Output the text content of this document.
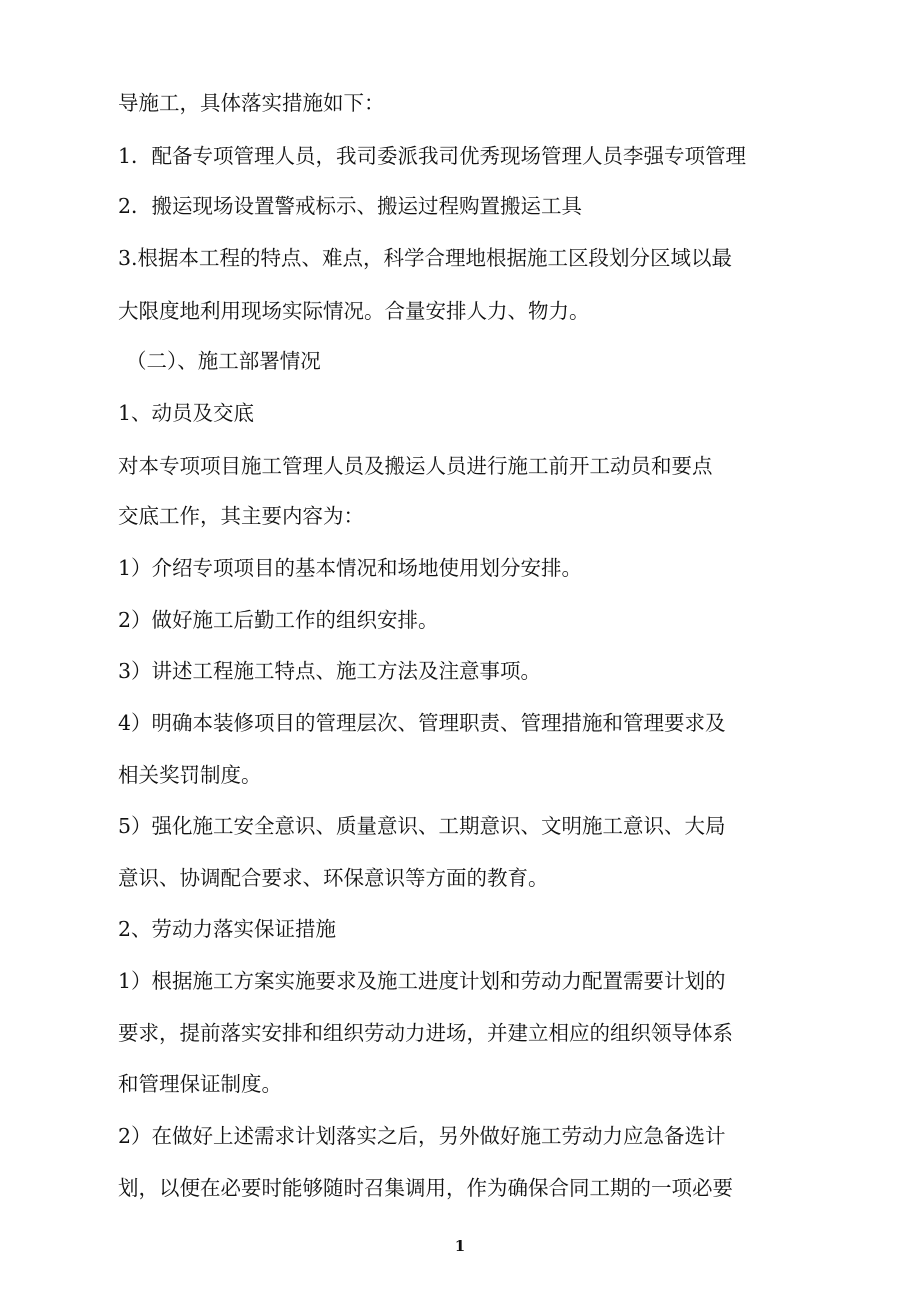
导施工，具体落实措施如下：
1．配备专项管理人员，我司委派我司优秀现场管理人员李强专项管理
2．搬运现场设置警戒标示、搬运过程购置搬运工具
3.根据本工程的特点、难点，科学合理地根据施工区段划分区域以最
大限度地利用现场实际情况。合量安排人力、物力。
（二）、施工部署情况
1、动员及交底
对本专项项目施工管理人员及搬运人员进行施工前开工动员和要点
交底工作，其主要内容为：
1）介绍专项项目的基本情况和场地使用划分安排。
2）做好施工后勤工作的组织安排。
3）讲述工程施工特点、施工方法及注意事项。
4）明确本装修项目的管理层次、管理职责、管理措施和管理要求及
相关奖罚制度。
5）强化施工安全意识、质量意识、工期意识、文明施工意识、大局
意识、协调配合要求、环保意识等方面的教育。
2、劳动力落实保证措施
1）根据施工方案实施要求及施工进度计划和劳动力配置需要计划的
要求，提前落实安排和组织劳动力进场，并建立相应的组织领导体系
和管理保证制度。
2）在做好上述需求计划落实之后，另外做好施工劳动力应急备选计
划，以便在必要时能够随时召集调用，作为确保合同工期的一项必要
1
